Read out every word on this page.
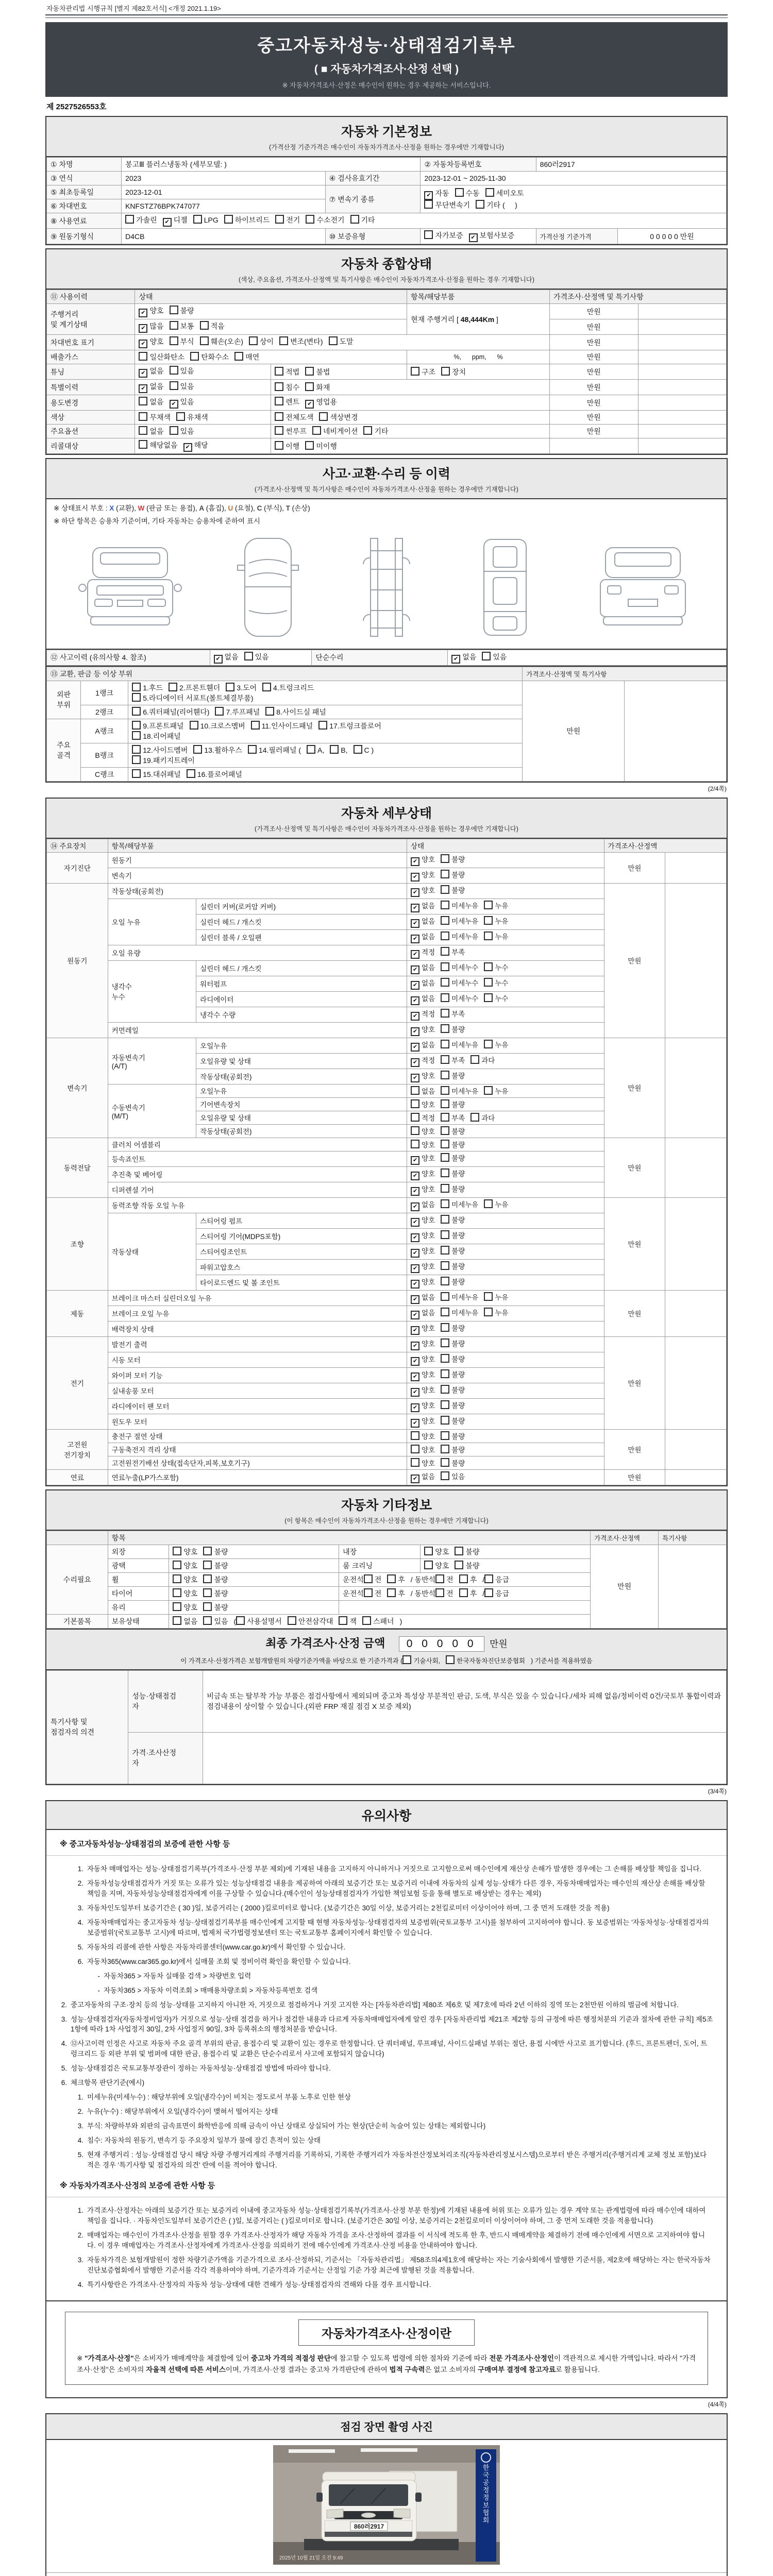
자동차관리법 시행규칙 [별지 제82호서식] <개정 2021.1.19>
중고자동차성능·상태점검기록부
( ■ 자동차가격조사·산정 선택 )
※ 자동차가격조사·산정은 매수인이 원하는 경우 제공하는 서비스입니다.
제 2527526553호
자동차 기본정보
(가격산정 기준가격은 매수인이 자동차가격조사·산정을 원하는 경우에만 기재합니다)
① 차명	봉고Ⅲ 플러스냉동차 (세부모델: )		② 자동차등록번호	860러2917	
③ 연식	2023	④ 검사유효기간	2023-12-01 ~ 2025-11-30		
⑤ 최초등록일	2023-12-01	⑦ 변속기 종류	✔ 자동 수동 세미오토
무단변속기 기타 (     )		
⑥ 차대번호	KNFSTZ76BPK747077				
⑧ 사용연료	가솔린 ✔ 디젤 LPG 하이브리드 전기 수소전기 기타				
⑨ 원동기형식	D4CB	⑩ 보증유형	자가보증 ✔ 보험사보증	가격산정 기준가격	0 0 0 0 0 만원
자동차 종합상태
(색상, 주요옵션, 가격조사·산정액 및 특기사항은 매수인이 자동차가격조사·산정을 원하는 경우 기재합니다)
⑪ 사용이력	상태		항목/해당부품	가격조사·산정액 및 특기사항	
주행거리
및 계기상태	✔ 양호 불량		현재 주행거리 [ 48,444Km ]	만원	
	✔ 많음 보통 적음			만원	
차대번호 표기	✔ 양호 부식 훼손(오손) 상이 변조(변타) 도말			만원	
배출가스	일산화탄소 탄화수소 매연		%,      ppm,      %	만원	
튜닝	✔ 없음 있음	적법 불법	구조 장치	만원	
특별이력	✔ 없음 있음	침수 화재		만원	
용도변경	없음 ✔ 있음	렌트 ✔ 영업용		만원	
색상	무채색 유채색	전체도색 색상변경		만원	
주요옵션	없음 있음	썬루프 네비게이션 기타		만원	
리콜대상	해당없음 ✔ 해당	이행 미이행			
사고·교환·수리 등 이력
(가격조사·산정액 및 특기사항은 매수인이 자동차가격조사·산정을 원하는 경우에만 기재합니다)
※ 상태표시 부호 : X (교환), W (판금 또는 용접), A (흠집), U (요철), C (부식), T (손상)
※ 하단 항목은 승용차 기준이며, 기타 자동차는 승용차에 준하여 표시
⑫ 사고이력 (유의사항 4. 참조)	✔ 없음 있음	단순수리	✔ 없음 있음
⑬ 교환, 판금 등 이상 부위			가격조사·산정액 및 특기사항	
외판
부위	1랭크	1.후드 2.프론트휀더 3.도어 4.트렁크리드
5.라디에이터 서포트(볼트체결부품)	만원	
	2랭크	6.쿼터패널(리어휀다) 7.루프패널 8.사이드실 패널		
주요
골격	A랭크	9.프론트패널 10.크로스멤버 11.인사이드패널 17.트렁크플로어
18.리어패널		
	B랭크	12.사이드멤버 13.휠하우스 14.필러패널 ( A, B, C )
19.패키지트레이		
	C랭크	15.대쉬패널 16.플로어패널		
(2/4쪽)
자동차 세부상태
(가격조사·산정액 및 특기사항은 매수인이 자동차가격조사·산정을 원하는 경우에만 기재합니다)
⑭ 주요장치	항목/해당부품		상태	가격조사·산정액	
자기진단	원동기		✔ 양호 불량	만원	
	변속기		✔ 양호 불량		
원동기	작동상태(공회전)		✔ 양호 불량	만원	
	오일 누유	실린더 커버(로커암 커버)	✔ 없음 미세누유 누유		
		실린더 헤드 / 개스킷	✔ 없음 미세누유 누유		
		실린더 블록 / 오일팬	✔ 없음 미세누유 누유		
	오일 유량		✔ 적정 부족		
	냉각수
누수	실린더 헤드 / 개스킷	✔ 없음 미세누수 누수		
		워터펌프	✔ 없음 미세누수 누수		
		라디에이터	✔ 없음 미세누수 누수		
		냉각수 수량	✔ 적정 부족		
	커먼레일		✔ 양호 불량		
변속기	자동변속기
(A/T)	오일누유	✔ 없음 미세누유 누유	만원	
		오일유량 및 상태	✔ 적정 부족 과다		
		작동상태(공회전)	✔ 양호 불량		
	수동변속기
(M/T)	오일누유	없음 미세누유 누유		
		기어변속장치	양호 불량		
		오일유량 및 상태	적정 부족 과다		
		작동상태(공회전)	양호 불량		
동력전달	클러치 어셈블리		양호 불량	만원	
	등속죠인트		✔ 양호 불량		
	추진축 및 베어링		✔ 양호 불량		
	디퍼렌셜 기어		✔ 양호 불량		
조향	동력조향 작동 오일 누유		✔ 없음 미세누유 누유	만원	
	작동상태	스티어링 펌프	✔ 양호 불량		
		스티어링 기어(MDPS포함)	✔ 양호 불량		
		스티어링조인트	✔ 양호 불량		
		파워고압호스	✔ 양호 불량		
		타이로드엔드 및 볼 조인트	✔ 양호 불량		
제동	브레이크 마스터 실린더오일 누유		✔ 없음 미세누유 누유	만원	
	브레이크 오일 누유		✔ 없음 미세누유 누유		
	배력장치 상태		✔ 양호 불량		
전기	발전기 출력		✔ 양호 불량	만원	
	시동 모터		✔ 양호 불량		
	와이퍼 모터 기능		✔ 양호 불량		
	실내송풍 모터		✔ 양호 불량		
	라디에이터 팬 모터		✔ 양호 불량		
	윈도우 모터		✔ 양호 불량		
고전원
전기장치	충전구 절연 상태		양호 불량	만원	
	구동축전지 격리 상태		양호 불량		
	고전원전기배선 상태(접속단자,피복,보호기구)		양호 불량		
연료	연료누출(LP가스포함)		✔ 없음 있음	만원	
자동차 기타정보
(이 항목은 매수인이 자동차가격조사·산정을 원하는 경우에만 기재합니다)
	항목				가격조사·산정액	특기사항
수리필요	외장	양호 불량	내장	양호 불량	만원	
	광택	양호 불량	룸 크리닝	양호 불량		
	휠	양호 불량	운전석 전 후 / 동반석 전 후 / 응급			
	타이어	양호 불량	운전석 전 후 / 동반석 전 후 / 응급			
	유리	양호 불량				
기본품목	보유상태	없음 있음 ( 사용설명서 안전삼각대 잭 스패너 )				
최종 가격조사·산정 금액 0 0 0 0 0 만원
이 가격조사·산정가격은 보험개발원의 차량기준가액을 바탕으로 한 기준가격과 ( 기술사회,	한국자동차진단보증협회 ) 기준서를 적용하였음
특기사항 및
점검자의 의견	성능·상태점검
자	비금속 또는 탈부착 가능 부품은 점검사항에서 제외되며 중고차 특성상 부분적인 판금, 도색, 부식은 있을 수 있습니다./세차 피해 없음/정비이력 0건/국토부 통합이력과 점검내용이 상이할 수 있습니다.(외판 FRP 재질 점검 X 보증 제외)
	가격·조사산정
자	
(3/4쪽)
유의사항
※ 중고자동차성능·상태점검의 보증에 관한 사항 등
1. 자동차 매매업자는 성능·상태점검기록부(가격조사·산정 부분 제외)에 기재된 내용을 고지하지 아니하거나 거짓으로 고지함으로써 매수인에게 재산상 손해가 발생한 경우에는 그 손해를 배상할 책임을 집니다.
2. 자동차성능상태점검자가 거짓 또는 오류가 있는 성능상태점검 내용을 제공하여 아래의 보증기간 또는 보증거리 이내에 자동차의 실제 성능·상태가 다른 경우, 자동차매매업자는 매수인의 재산상 손해를 배상할 책임을 지며, 자동차성능상태점검자에게 이를 구상할 수 있습니다.(매수인이 성능상태점검자가 가입한 책임보험 등을 통해 별도로 배상받는 경우는 제외)
3. 자동차인도일부터 보증기간은 ( 30 )일, 보증거리는 ( 2000 )킬로미터로 합니다. (보증기간은 30일 이상, 보증거리는 2천킬로미터 이상이어야 하며, 그 중 먼저 도래한 것을 적용)
4. 자동차매매업자는 중고자동차 성능·상태점검기록부를 매수인에게 고지할 때 현행 자동차성능·상태점검자의 보증범위(국토교통부 고시)를 첨부하여 고지하여야 합니다. 동 보증범위는 '자동차성능·상태점검자의 보증범위'(국토교통부 고시)에 따르며, 법제처 국가법령정보센터 또는 국토교통부 홈페이지에서 확인할 수 있습니다.
5. 자동차의 리콜에 관한 사항은 자동차리콜센터(www.car.go.kr)에서 확인할 수 있습니다.
6. 자동차365(www.car365.go.kr)에서 실매물 조회 및 정비이력 확인을 확인할 수 있습니다.
- 자동차365 > 자동차 실매물 검색 > 차량번호 입력
- 자동차365 > 자동차 이력조회 > 매매용차량조회 > 자동차등록번호 검색
2. 중고자동차의 구조·장치 등의 성능·상태를 고지하지 아니한 자, 거짓으로 점검하거나 거짓 고지한 자는 [자동차관리법] 제80조 제6호 및 제7호에 따라 2년 이하의 징역 또는 2천만원 이하의 벌금에 처합니다.
3. 성능·상태점검자(자동차정비업자)가 거짓으로 성능·상태 점검을 하거나 점검한 내용과 다르게 자동차매매업자에게 알린 경우 [자동차관리법 제21조 제2항 등의 규정에 따른 행정처분의 기준과 절차에 관한 규칙] 제5조 1항에 따라 1차 사업정지 30일, 2차 사업정지 90일, 3차 등록취소의 행정처분을 받습니다.
4. ⑫사고이력 인정은 사고로 자동차 주요 골격 부위의 판금, 용접수리 및 교환이 있는 경우로 한정합니다. 단 쿼터패널, 루프패널, 사이드실패널 부위는 절단, 용접 시에만 사고로 표기합니다. (후드, 프론트펜더, 도어, 트렁크리드 등 외판 부위 및 범퍼에 대한 판금, 용접수리 및 교환은 단순수리로서 사고에 포함되지 않습니다)
5. 성능·상태점검은 국토교통부장관이 정하는 자동차성능·상태점검 방법에 따라야 합니다.
6. 체크항목 판단기준(예시)
1. 미세누유(미세누수) : 해당부위에 오일(냉각수)이 비치는 정도로서 부품 노후로 인한 현상
2. 누유(누수) : 해당부위에서 오일(냉각수)이 맺혀서 떨어지는 상태
3. 부식: 차량하부와 외판의 금속표면이 화학반응에 의해 금속이 아닌 상태로 상실되어 가는 현상(단순히 녹슬어 있는 상태는 제외합니다)
4. 침수: 자동차의 원동기, 변속기 등 주요장치 일부가 물에 잠긴 흔적이 있는 상태
5. 현재 주행거리 : 성능·상태점검 당시 해당 차량 주행거리계의 주행거리를 기록하되, 기록한 주행거리가 자동차전산정보처리조직(자동차관리정보시스템)으로부터 받은 주행거리(주행거리계 교체 정보 포함)보다 적은 경우 '특기사항 및 점검자의 의견' 란에 이를 적어야 합니다.
※ 자동차가격조사·산정의 보증에 관한 사항 등
1. 가격조사·산정자는 아래의 보증기간 또는 보증거리 이내에 중고자동차 성능·상태점검기록부(가격조사·산정 부분 한정)에 기재된 내용에 허위 또는 오류가 있는 경우 계약 또는 관계법령에 따라 매수인에 대하여 책임을 집니다. · 자동차인도일부터 보증기간은 ( )일, 보증거리는 ( )킬로미터로 합니다. (보증기간은 30일 이상, 보증거리는 2천킬로미터 이상이어야 하며, 그 중 먼저 도래한 것을 적용합니다)
2. 매매업자는 매수인이 가격조사·산정을 원할 경우 가격조사·산정자가 해당 자동차 가격을 조사·산정하여 결과를 이 서식에 적도록 한 후, 반드시 매매계약을 체결하기 전에 매수인에게 서면으로 고지하여야 합니다. 이 경우 매매업자는 가격조사·산정자에게 가격조사·산정을 의뢰하기 전에 매수인에게 가격조사·산정 비용을 안내하여야 합니다.
3. 자동차가격은 보험개발원이 정한 차량기준가액을 기준가격으로 조사·산정하되, 기준서는 「자동차관리법」 제58조의4제1호에 해당하는 자는 기술사회에서 발행한 기준서를, 제2호에 해당하는 자는 한국자동차진단보증협회에서 발행한 기준서를 각각 적용하여야 하며, 기준가격과 기준서는 산정일 기준 가장 최근에 발행된 것을 적용합니다.
4. 특기사항란은 가격조사·산정자의 자동차 성능·상태에 대한 견해가 성능·상태점검자의 견해와 다를 경우 표시합니다.
자동차가격조사·산정이란
※ "가격조사·산정"은 소비자가 매매계약을 체결함에 있어 중고차 가격의 적절성 판단에 참고할 수 있도록 법령에 의한 절차와 기준에 따라 전문 가격조사·산정인이 객관적으로 제시한 가액입니다. 따라서 "가격조사·산정"은 소비자의 자율적 선택에 따른 서비스이며, 가격조사·산정 결과는 중고차 가격판단에 관하여 법적 구속력은 없고 소비자의 구매여부 결정에 참고자료로 활용됩니다.
(4/4쪽)
점검 장면 촬영 사진
860러2917
한 국 공 정 정 보 협 회
2025년 10월 21일 오전 9:49
